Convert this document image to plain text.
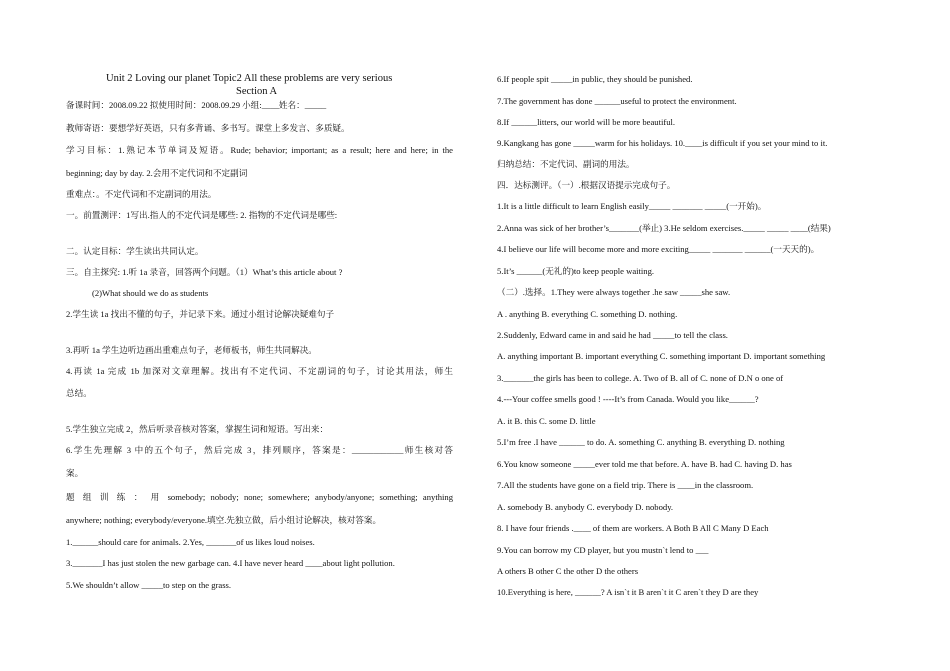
Unit 2 Loving our planet Topic2 All these problems are very serious
Section A
备课时间：2008.09.22 拟使用时间：2008.09.29 小组:____姓名：_____
教师寄语：要想学好英语，只有多背诵、多书写。课堂上多发言、多质疑。
学习目标：1.熟记本节单词及短语。Rude; behavior; important; as a result; here and here; in the
beginning; day by day. 2.会用不定代词和不定副词
重难点：。不定代词和不定副词的用法。
一。前置测评：1写出.指人的不定代词是哪些: 2. 指物的不定代词是哪些:
二。认定目标：学生读出共同认定。
三。自主探究: 1.听 1a 录音，回答两个问题。（1）What’s this article about ?
(2)What should we do as students
2.学生读 1a 找出不懂的句子，并记录下来。通过小组讨论解决疑难句子
3.再听 1a 学生边听边画出重难点句子，老师板书，师生共同解决。
4.再读 1a 完成 1b 加深对文章理解。找出有不定代词、不定副词的句子，讨论其用法，师生
总结。
5.学生独立完成 2，然后听录音核对答案，掌握生词和短语。写出来：
6.学生先理解 3 中的五个句子，然后完成 3，排列顺序，答案是：____________师生核对答
案。
题 组 训 练 ： 用 somebody; nobody; none; somewhere; anybody/anyone; something; anything
anywhere; nothing; everybody/everyone.填空.先独立做，后小组讨论解决，核对答案。
1.______should care for animals. 2.Yes, _______of us likes loud noises.
3._______I has just stolen the new garbage can. 4.I have never heard ____about light pollution.
5.We shouldn’t allow _____to step on the grass.
6.If people spit _____in public, they should be punished.
7.The government has done ______useful to protect the environment.
8.If ______litters, our world will be more beautiful.
9.Kangkang has gone _____warm for his holidays. 10.____is difficult if you set your mind to it.
归纳总结：不定代词、副词的用法。
四．达标测评。（一）.根据汉语提示完成句子。
1.It is a little difficult to learn English easily_____ _______ _____(一开始)。
2.Anna was sick of her brother’s_______(举止) 3.He seldom exercises._____ _____ ____(结果)
4.I believe our life will become more and more exciting_____ _______ ______(一天天的)。
5.It’s ______(无礼的)to keep people waiting.
（二）.选择。1.They were always together .he saw _____she saw.
A . anything B. everything C. something D. nothing.
2.Suddenly, Edward came in and said he had _____to tell the class.
A. anything important B. important everything C. something important D. important something
3._______the girls has been to college. A. Two of B. all of C. none of D.N o one of
4.---Your coffee smells good ! ----It’s from Canada. Would you like______?
A. it B. this C. some D. little
5.I’m free .I have ______ to do. A. something C. anything B. everything D. nothing
6.You know someone _____ever told me that before. A. have B. had C. having D. has
7.All the students have gone on a field trip. There is ____in the classroom.
A. somebody B. anybody C. everybody D. nobody.
8. I have four friends .____ of them are workers. A Both B All C Many D Each
9.You can borrow my CD player, but you mustn`t lend to ___
A others B other C the other D the others
10.Everything is here, ______? A isn`t it B aren`t it C aren`t they D are they
